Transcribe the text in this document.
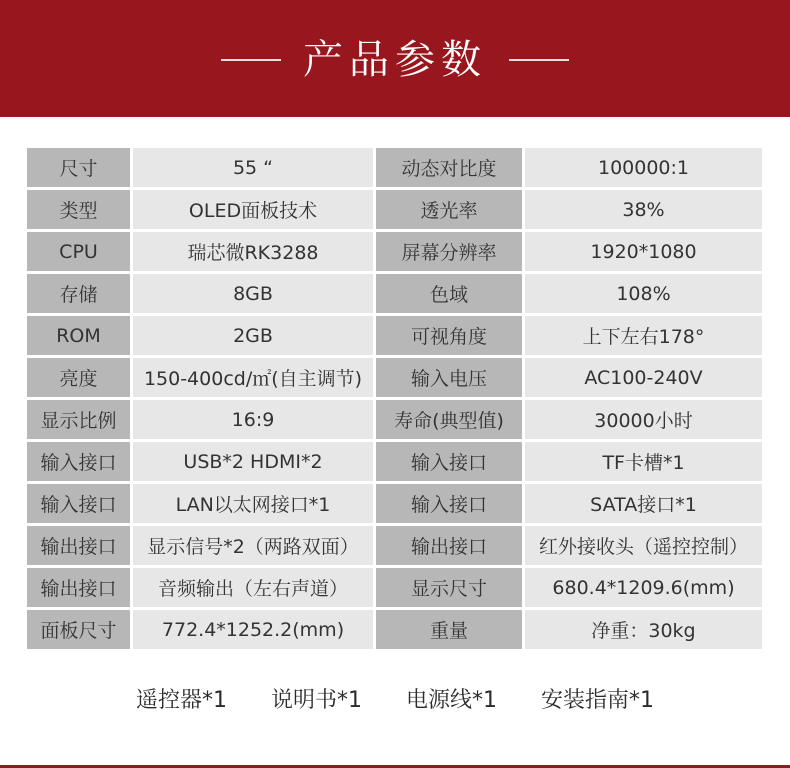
产品参数
尺寸	55 “	动态对比度	100000:1
类型	OLED面板技术	透光率	38%
CPU	瑞芯微RK3288	屏幕分辨率	1920*1080
存储	8GB	色域	108%
ROM	2GB	可视角度	上下左右178°
亮度	150-400cd/㎡(自主调节)	输入电压	AC100-240V
显示比例	16:9	寿命(典型值)	30000小时
输入接口	USB*2 HDMI*2	输入接口	TF卡槽*1
输入接口	LAN以太网接口*1	输入接口	SATA接口*1
输出接口	显示信号*2（两路双面）	输出接口	红外接收头（遥控控制）
输出接口	音频输出（左右声道）	显示尺寸	680.4*1209.6(mm)
面板尺寸	772.4*1252.2(mm)	重量	净重：30kg
遥控器*1 说明书*1 电源线*1 安装指南*1
